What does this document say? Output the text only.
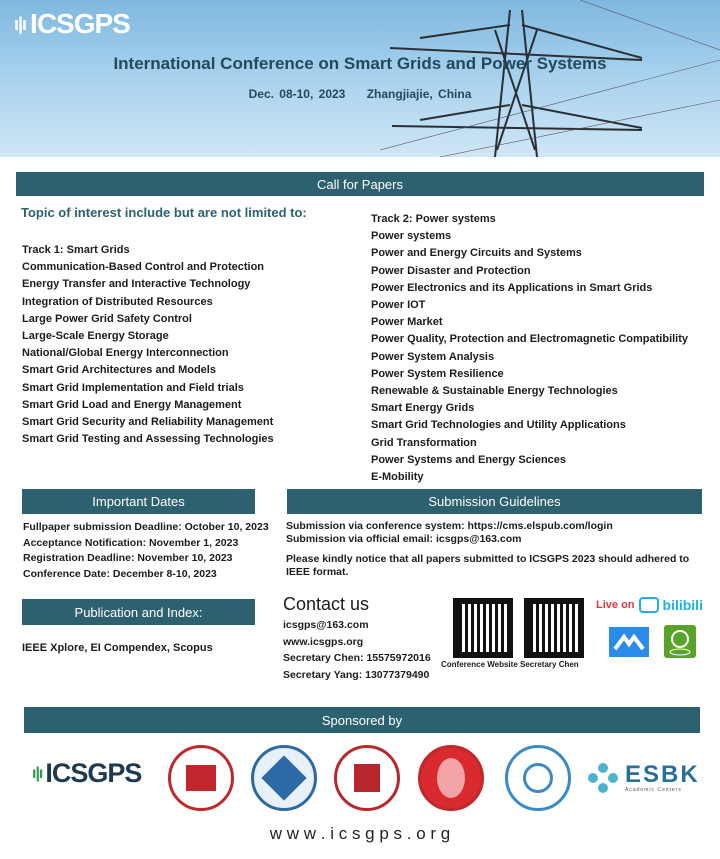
ı|ı ICSGPS
International Conference on Smart Grids and Power Systems
Dec. 08-10, 2023 Zhangjiajie, China
Call for Papers
Topic of interest include but are not limited to:
Track 1: Smart Grids
Communication-Based Control and Protection
Energy Transfer and Interactive Technology
Integration of Distributed Resources
Large Power Grid Safety Control
Large-Scale Energy Storage
National/Global Energy Interconnection
Smart Grid Architectures and Models
Smart Grid Implementation and Field trials
Smart Grid Load and Energy Management
Smart Grid Security and Reliability Management
Smart Grid Testing and Assessing Technologies
Track 2: Power systems
Power systems
Power and Energy Circuits and Systems
Power Disaster and Protection
Power Electronics and its Applications in Smart Grids
Power IOT
Power Market
Power Quality, Protection and Electromagnetic Compatibility
Power System Analysis
Power System Resilience
Renewable & Sustainable Energy Technologies
Smart Energy Grids
Smart Grid Technologies and Utility Applications
Grid Transformation
Power Systems and Energy Sciences
E-Mobility
Important Dates
Fullpaper submission Deadline: October 10, 2023
Acceptance Notification: November 1, 2023
Registration Deadline: November 10, 2023
Conference Date: December 8-10, 2023
Submission Guidelines
Submission via conference system: https://cms.elspub.com/login
Submission via official email: icsgps@163.com
Please kindly notice that all papers submitted to ICSGPS 2023 should adhered to IEEE format.
Publication and Index:
IEEE Xplore, EI Compendex, Scopus
Contact us
icsgps@163.com
www.icsgps.org
Secretary Chen: 15575972016
Secretary Yang: 13077379490
Conference Website Secretary Chen
Live on bilibili
Sponsored by
ı|ı ICSGPS	ESBK
Academic Centers
w w w . i c s g p s . o r g
